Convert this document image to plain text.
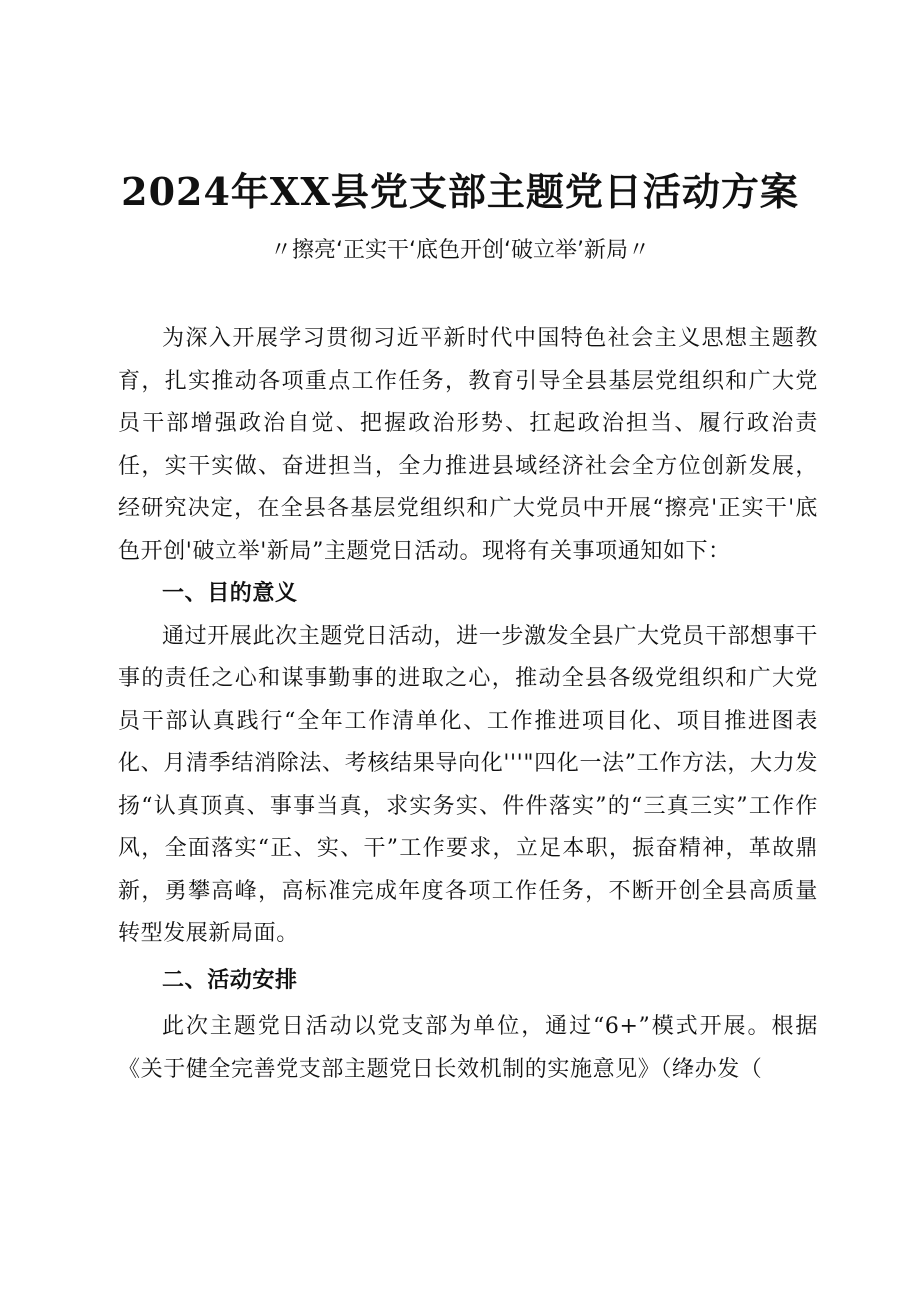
2024年XX县党支部主题党日活动方案
〃擦亮‘正实干‘底色开创‘破立举’新局〃

为深入开展学习贯彻习近平新时代中国特色社会主义思想主题教育，扎实推动各项重点工作任务，教育引导全县基层党组织和广大党员干部增强政治自觉、把握政治形势、扛起政治担当、履行政治责任，实干实做、奋进担当，全力推进县域经济社会全方位创新发展，经研究决定，在全县各基层党组织和广大党员中开展“擦亮'正实干'底色开创'破立举'新局”主题党日活动。现将有关事项通知如下：

一、目的意义

通过开展此次主题党日活动，进一步激发全县广大党员干部想事干事的责任之心和谋事勤事的进取之心，推动全县各级党组织和广大党员干部认真践行“全年工作清单化、工作推进项目化、项目推进图表化、月清季结消除法、考核结果导向化'''"四化一法”工作方法，大力发扬“认真顶真、事事当真，求实务实、件件落实”的“三真三实”工作作风，全面落实“正、实、干”工作要求，立足本职，振奋精神，革故鼎新，勇攀高峰，高标准完成年度各项工作任务，不断开创全县高质量转型发展新局面。

二、活动安排

此次主题党日活动以党支部为单位，通过“6+”模式开展。根据《关于健全完善党支部主题党日长效机制的实施意见》（绛办发（
